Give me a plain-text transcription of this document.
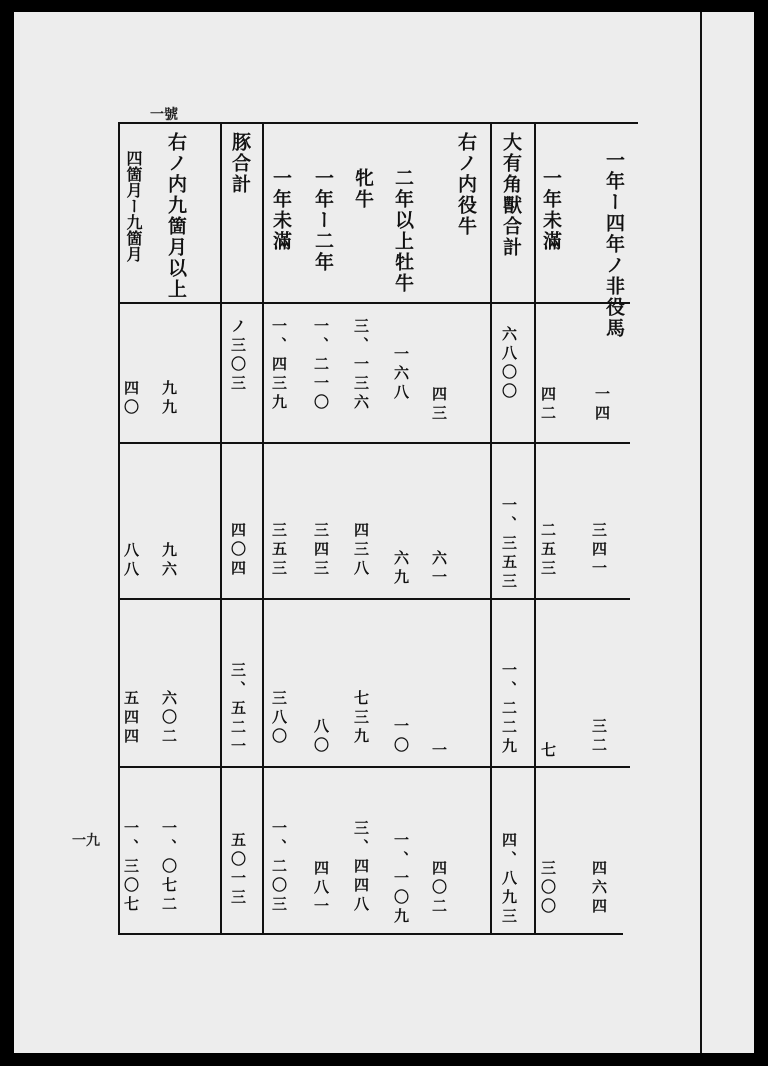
一號
一年ー四年ノ非役馬
一年未滿
大有角獸合計
右ノ内役牛
二年以上牡牛
牝牛
一年ー二年
一年未滿
豚合計
右ノ内九箇月以上
四箇月ー九箇月
一四
四二
六八〇〇
四三
一六八
三、一三六
一、二一〇
一、四三九
ノ三〇三
九九
四〇
三四一
二五三
一、三五三
六一
六九
四三八
三四三
三五三
四〇四
九六
八八
三二
七
一、二二九
一
一〇
七三九
八〇
三八〇
三、五二一
六〇二
五四四
四六四
三〇〇
四、八九三
四〇二
一、一〇九
三、四四八
四八一
一、二〇三
五〇一三
一、〇七二
一、三〇七
一九
